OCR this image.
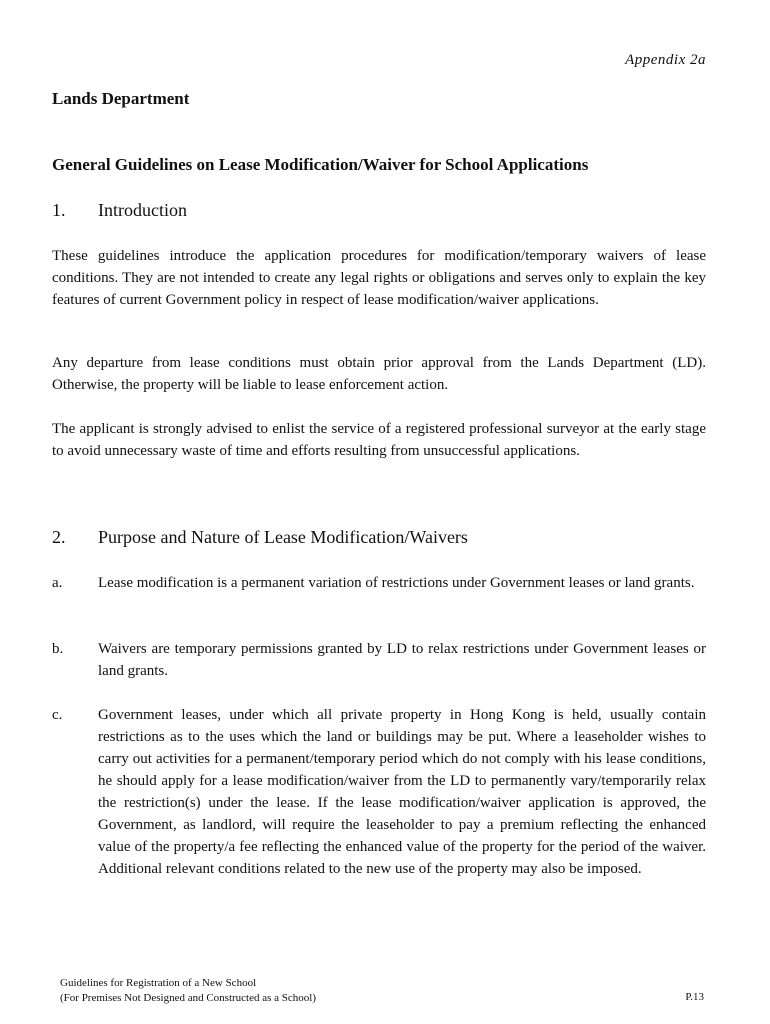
Appendix 2a
Lands Department
General Guidelines on Lease Modification/Waiver for School Applications
1. Introduction

These guidelines introduce the application procedures for modification/temporary waivers of lease conditions. They are not intended to create any legal rights or obligations and serves only to explain the key features of current Government policy in respect of lease modification/waiver applications.

Any departure from lease conditions must obtain prior approval from the Lands Department (LD). Otherwise, the property will be liable to lease enforcement action.

The applicant is strongly advised to enlist the service of a registered professional surveyor at the early stage to avoid unnecessary waste of time and efforts resulting from unsuccessful applications.

2. Purpose and Nature of Lease Modification/Waivers
a. Lease modification is a permanent variation of restrictions under Government leases or land grants.
b. Waivers are temporary permissions granted by LD to relax restrictions under Government leases or land grants.
c. Government leases, under which all private property in Hong Kong is held, usually contain restrictions as to the uses which the land or buildings may be put. Where a leaseholder wishes to carry out activities for a permanent/temporary period which do not comply with his lease conditions, he should apply for a lease modification/waiver from the LD to permanently vary/temporarily relax the restriction(s) under the lease. If the lease modification/waiver application is approved, the Government, as landlord, will require the leaseholder to pay a premium reflecting the enhanced value of the property/a fee reflecting the enhanced value of the property for the period of the waiver. Additional relevant conditions related to the new use of the property may also be imposed.
Guidelines for Registration of a New School
(For Premises Not Designed and Constructed as a School)	P.13
